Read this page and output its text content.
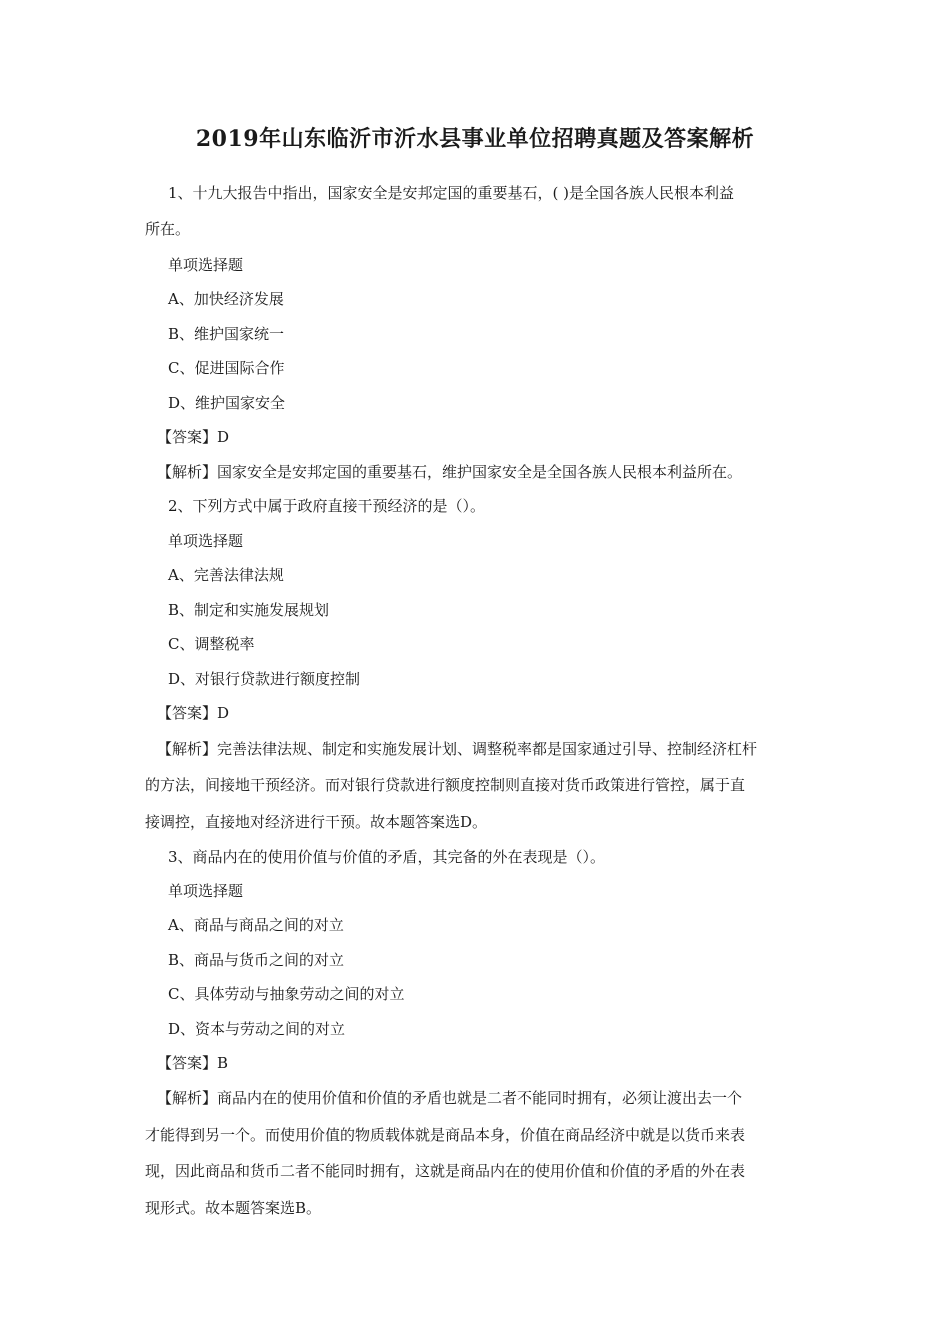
2019年山东临沂市沂水县事业单位招聘真题及答案解析

1、十九大报告中指出，国家安全是安邦定国的重要基石，( )是全国各族人民根本利益

所在。

单项选择题

A、加快经济发展

B、维护国家统一

C、促进国际合作

D、维护国家安全

【答案】D

【解析】国家安全是安邦定国的重要基石，维护国家安全是全国各族人民根本利益所在。

2、下列方式中属于政府直接干预经济的是（）。

单项选择题

A、完善法律法规

B、制定和实施发展规划

C、调整税率

D、对银行贷款进行额度控制

【答案】D

【解析】完善法律法规、制定和实施发展计划、调整税率都是国家通过引导、控制经济杠杆

的方法，间接地干预经济。而对银行贷款进行额度控制则直接对货币政策进行管控，属于直

接调控，直接地对经济进行干预。故本题答案选D。

3、商品内在的使用价值与价值的矛盾，其完备的外在表现是（）。

单项选择题

A、商品与商品之间的对立

B、商品与货币之间的对立

C、具体劳动与抽象劳动之间的对立

D、资本与劳动之间的对立

【答案】B

【解析】商品内在的使用价值和价值的矛盾也就是二者不能同时拥有，必须让渡出去一个

才能得到另一个。而使用价值的物质载体就是商品本身，价值在商品经济中就是以货币来表

现，因此商品和货币二者不能同时拥有，这就是商品内在的使用价值和价值的矛盾的外在表

现形式。故本题答案选B。
